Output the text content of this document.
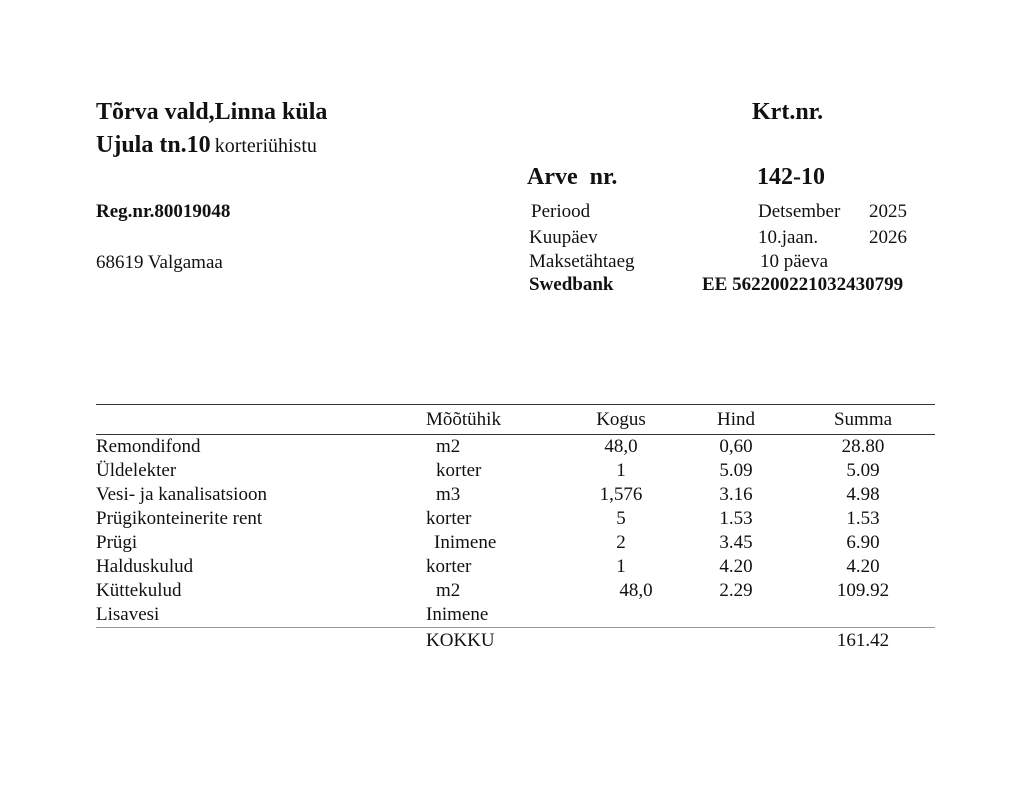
Tõrva vald,Linna küla
Ujula tn.10 korteriühistu
Reg.nr.80019048
68619 Valgamaa
Krt.nr.
Arve  nr.	142-10
Periood	Detsember 2025
Kuupäev	10.jaan.	2026
Maksetähtaeg	10 päeva
Swedbank	EE 562200221032430799
	Mõõtühik	Kogus	Hind	Summa
Remondifond	m2	48,0	0,60	28.80
Üldelekter	korter	1	5.09	5.09
Vesi- ja kanalisatsioon	m3	1,576	3.16	4.98
Prügikonteinerite rent	korter	5	1.53	1.53
Prügi	Inimene	2	3.45	6.90
Halduskulud	korter	1	4.20	4.20
Küttekulud	m2	48,0	2.29	109.92
Lisavesi	Inimene			
	KOKKU			161.42
